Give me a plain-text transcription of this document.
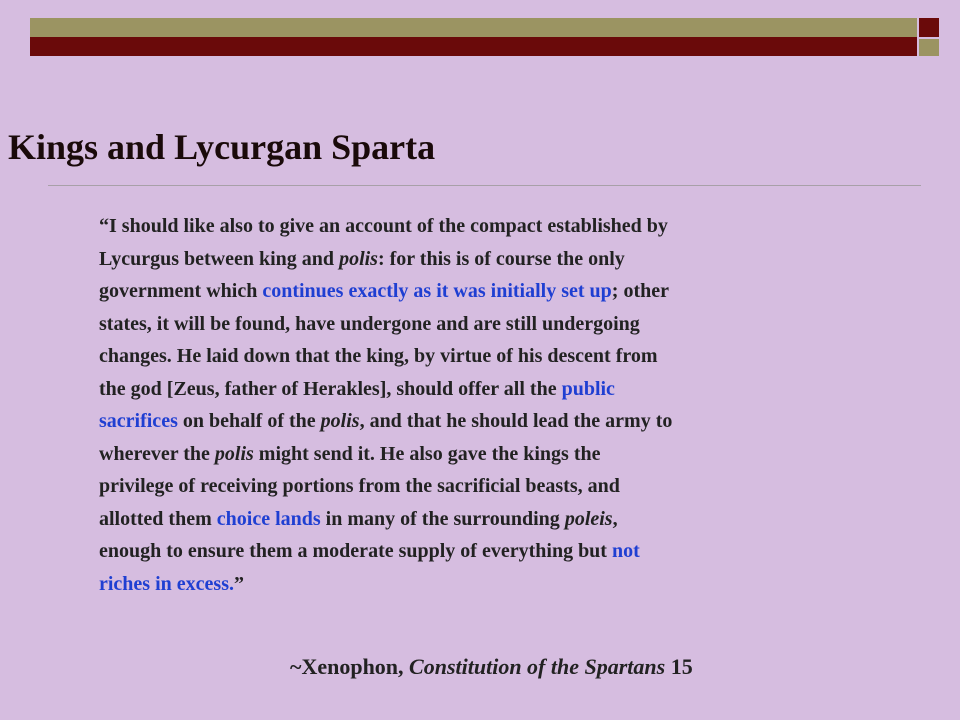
Kings and Lycurgan Sparta
“I should like also to give an account of the compact established by
Lycurgus between king and polis: for this is of course the only
government which continues exactly as it was initially set up; other
states, it will be found, have undergone and are still undergoing
changes. He laid down that the king, by virtue of his descent from
the god [Zeus, father of Herakles], should offer all the public
sacrifices on behalf of the polis, and that he should lead the army to
wherever the polis might send it. He also gave the kings the
privilege of receiving portions from the sacrificial beasts, and
allotted them choice lands in many of the surrounding poleis,
enough to ensure them a moderate supply of everything but not
riches in excess.”
~Xenophon, Constitution of the Spartans 15
